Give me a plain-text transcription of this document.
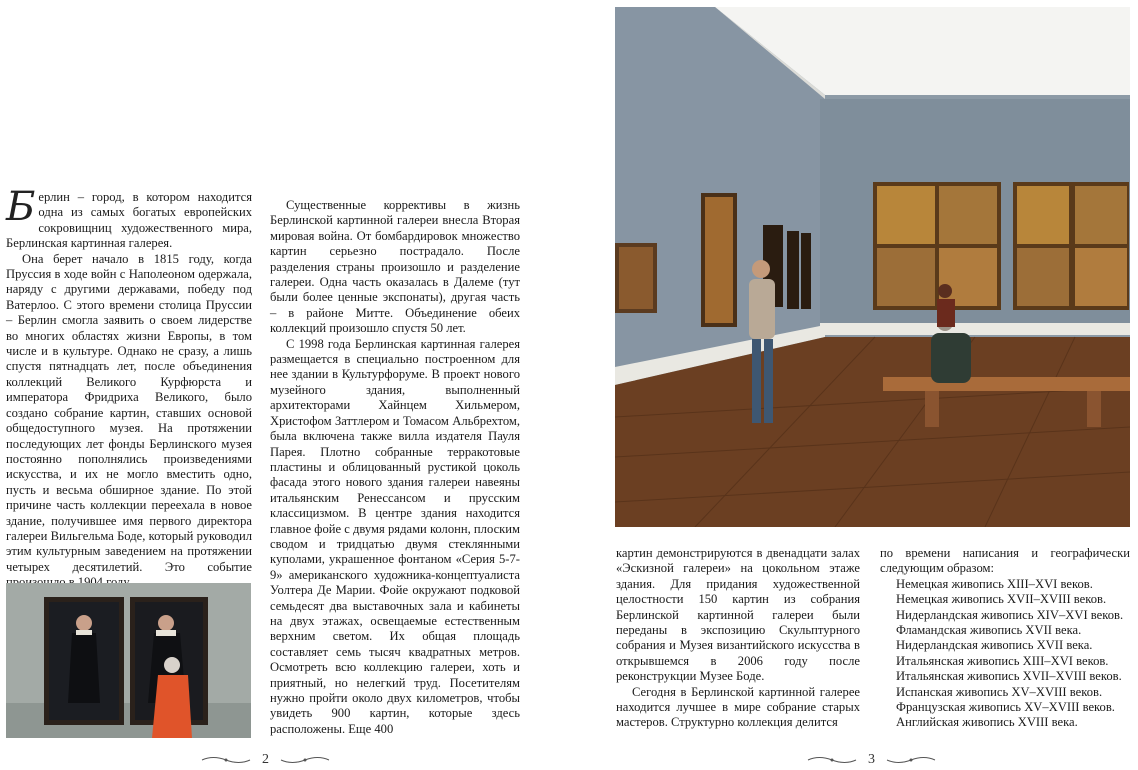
Берлин – город, в котором находится одна из самых богатых европейских сокровищниц художественного мира, Берлинская картинная галерея.

Она берет начало в 1815 году, когда Пруссия в ходе войн с Наполеоном одержала, наряду с другими державами, победу под Ватерлоо. С этого времени столица Пруссии – Берлин смогла заявить о своем лидерстве во многих областях жизни Европы, в том числе и в культуре. Однако не сразу, а лишь спустя пятнадцать лет, после объединения коллекций Великого Курфюрста и императора Фридриха Великого, было создано собрание картин, ставших основой общедоступного музея. На протяжении последующих лет фонды Берлинского музея постоянно пополнялись произведениями искусства, и их не могло вместить одно, пусть и весьма обширное здание. По этой причине часть коллекции переехала в новое здание, получившее имя первого директора галереи Вильгельма Боде, который руководил этим культурным заведением на протяжении четырех десятилетий. Это событие

Существенные коррективы в жизнь Берлинской картинной галереи внесла Вторая мировая война. От бомбардировок множество картин серьезно пострадало. После разделения страны произошло и разделение галереи. Одна часть оказалась в Далеме (тут были более ценные экспонаты), другая часть – в районе Митте. Объединение обеих коллекций произошло спустя 50 лет.

С 1998 года Берлинская картинная галерея размещается в специально построенном для нее здании в Культурфоруме. В проект нового музейного здания, выполненный архитекторами Хайнцем Хильмером, Христофом Заттлером и Томасом Альбрехтом, была включена также вилла издателя Пауля Парея. Плотно собранные терракотовые пластины и облицованный рустикой цоколь фасада этого нового здания галереи навеяны итальянским Ренессансом и прусским классицизмом. В центре здания находится главное фойе с двумя рядами колонн, плоским сводом и тридцатью двумя стеклянными куполами, украшенное фонтаном «Серия 5-7-9» американского художника-концептуалиста Уолтера Де Марии. Фойе окружают подковой семьдесят два выставочных зала и кабинеты на двух этажах, освещаемые естественным верхним светом. Их общая площадь составляет семь тысяч квадратных метров. Осмотреть всю коллекцию галереи, хоть и приятный, но нелегкий труд. Посетителям нужно пройти около двух километров, чтобы увидеть 900 картин, которые здесь расположены. Еще 400

2

картин демонстрируются в двенадцати залах «Эскизной галереи» на цокольном этаже здания. Для придания художественной целостности 150 картин из собрания Берлинской картинной галереи были переданы в экспозицию Скульптурного собрания и Музея византийского искусства в открывшемся в 2006 году после реконструкции Музее Боде.

Сегодня в Берлинской картинной галерее находится лучшее в мире собрание старых мастеров. Структурно коллекция делится

по времени написания и географически следующим образом:

Немецкая живопись XIII–XVI веков.
Немецкая живопись XVII–XVIII веков.
Нидерландская живопись XIV–XVI веков.
Фламандская живопись XVII века.
Нидерландская живопись XVII века.
Итальянская живопись XIII–XVI веков.
Итальянская живопись XVII–XVIII веков.
Испанская живопись XV–XVIII веков.
Французская живопись XV–XVIII веков.
Английская живопись XVIII века.
3
